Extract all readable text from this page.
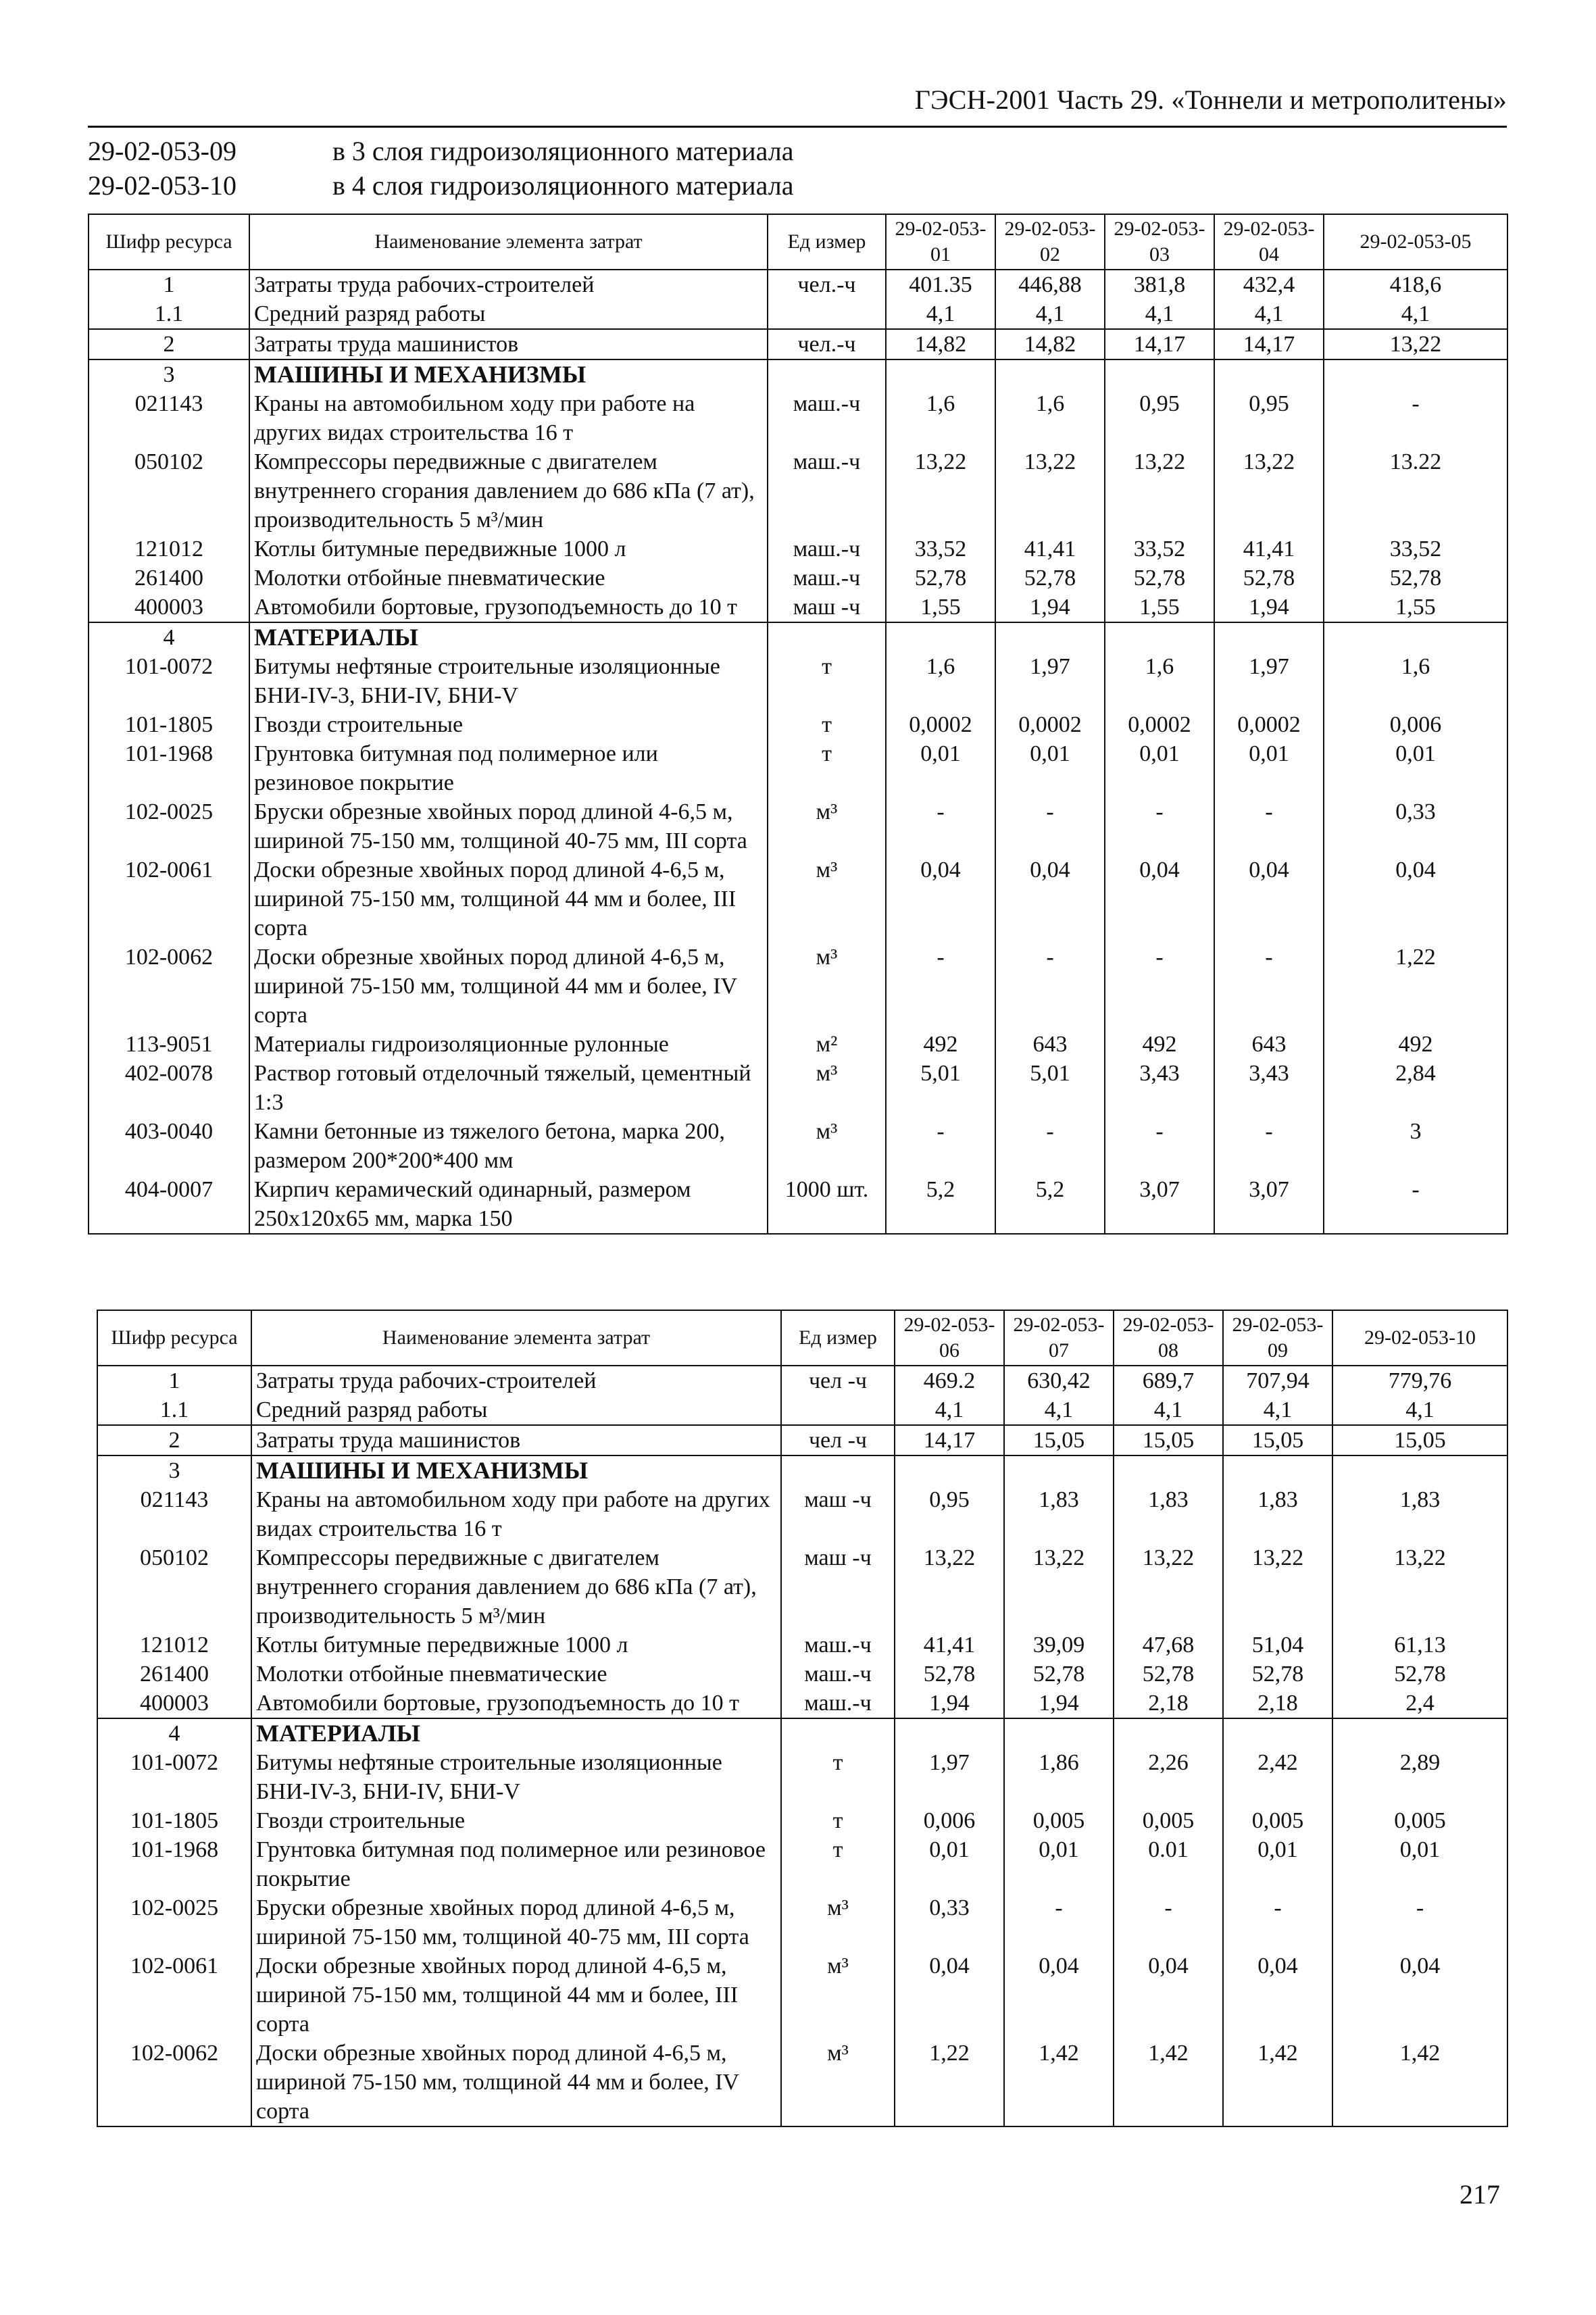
ГЭСН-2001 Часть 29. «Тоннели и метрополитены»
29-02-053-09	в 3 слоя гидроизоляционного материала
29-02-053-10	в 4 слоя гидроизоляционного материала
Шифр ресурса	Наименование элемента затрат	Ед измер	29-02-053-01	29-02-053-02	29-02-053-03	29-02-053-04	29-02-053-05
1	Затраты труда рабочих-строителей	чел.-ч	401.35	446,88	381,8	432,4	418,6
1.1	Средний разряд работы		4,1	4,1	4,1	4,1	4,1
2	Затраты труда машинистов	чел.-ч	14,82	14,82	14,17	14,17	13,22
3	МАШИНЫ И МЕХАНИЗМЫ						
021143	Краны на автомобильном ходу при работе на других видах строительства 16 т	маш.-ч	1,6	1,6	0,95	0,95	-
050102	Компрессоры передвижные с двигателем внутреннего сгорания давлением до 686 кПа (7 ат), производительность 5 м³/мин	маш.-ч	13,22	13,22	13,22	13,22	13.22
121012	Котлы битумные передвижные 1000 л	маш.-ч	33,52	41,41	33,52	41,41	33,52
261400	Молотки отбойные пневматические	маш.-ч	52,78	52,78	52,78	52,78	52,78
400003	Автомобили бортовые, грузоподъемность до 10 т	маш -ч	1,55	1,94	1,55	1,94	1,55
4	МАТЕРИАЛЫ						
101-0072	Битумы нефтяные строительные изоляционные БНИ-IV-3, БНИ-IV, БНИ-V	т	1,6	1,97	1,6	1,97	1,6
101-1805	Гвозди строительные	т	0,0002	0,0002	0,0002	0,0002	0,006
101-1968	Грунтовка битумная под полимерное или резиновое покрытие	т	0,01	0,01	0,01	0,01	0,01
102-0025	Бруски обрезные хвойных пород длиной 4-6,5 м, шириной 75-150 мм, толщиной 40-75 мм, III сорта	м³	-	-	-	-	0,33
102-0061	Доски обрезные хвойных пород длиной 4-6,5 м, шириной 75-150 мм, толщиной 44 мм и более, III сорта	м³	0,04	0,04	0,04	0,04	0,04
102-0062	Доски обрезные хвойных пород длиной 4-6,5 м, шириной 75-150 мм, толщиной 44 мм и более, IV сорта	м³	-	-	-	-	1,22
113-9051	Материалы гидроизоляционные рулонные	м²	492	643	492	643	492
402-0078	Раствор готовый отделочный тяжелый, цементный 1:3	м³	5,01	5,01	3,43	3,43	2,84
403-0040	Камни бетонные из тяжелого бетона, марка 200, размером 200*200*400 мм	м³	-	-	-	-	3
404-0007	Кирпич керамический одинарный, размером 250х120х65 мм, марка 150	1000 шт.	5,2	5,2	3,07	3,07	-
Шифр ресурса	Наименование элемента затрат	Ед измер	29-02-053-06	29-02-053-07	29-02-053-08	29-02-053-09	29-02-053-10
1	Затраты труда рабочих-строителей	чел -ч	469.2	630,42	689,7	707,94	779,76
1.1	Средний разряд работы		4,1	4,1	4,1	4,1	4,1
2	Затраты труда машинистов	чел -ч	14,17	15,05	15,05	15,05	15,05
3	МАШИНЫ И МЕХАНИЗМЫ						
021143	Краны на автомобильном ходу при работе на других видах строительства 16 т	маш -ч	0,95	1,83	1,83	1,83	1,83
050102	Компрессоры передвижные с двигателем внутреннего сгорания давлением до 686 кПа (7 ат), производительность 5 м³/мин	маш -ч	13,22	13,22	13,22	13,22	13,22
121012	Котлы битумные передвижные 1000 л	маш.-ч	41,41	39,09	47,68	51,04	61,13
261400	Молотки отбойные пневматические	маш.-ч	52,78	52,78	52,78	52,78	52,78
400003	Автомобили бортовые, грузоподъемность до 10 т	маш.-ч	1,94	1,94	2,18	2,18	2,4
4	МАТЕРИАЛЫ						
101-0072	Битумы нефтяные строительные изоляционные БНИ-IV-3, БНИ-IV, БНИ-V	т	1,97	1,86	2,26	2,42	2,89
101-1805	Гвозди строительные	т	0,006	0,005	0,005	0,005	0,005
101-1968	Грунтовка битумная под полимерное или резиновое покрытие	т	0,01	0,01	0.01	0,01	0,01
102-0025	Бруски обрезные хвойных пород длиной 4-6,5 м, шириной 75-150 мм, толщиной 40-75 мм, III сорта	м³	0,33	-	-	-	-
102-0061	Доски обрезные хвойных пород длиной 4-6,5 м, шириной 75-150 мм, толщиной 44 мм и более, III сорта	м³	0,04	0,04	0,04	0,04	0,04
102-0062	Доски обрезные хвойных пород длиной 4-6,5 м, шириной 75-150 мм, толщиной 44 мм и более, IV сорта	м³	1,22	1,42	1,42	1,42	1,42
217
